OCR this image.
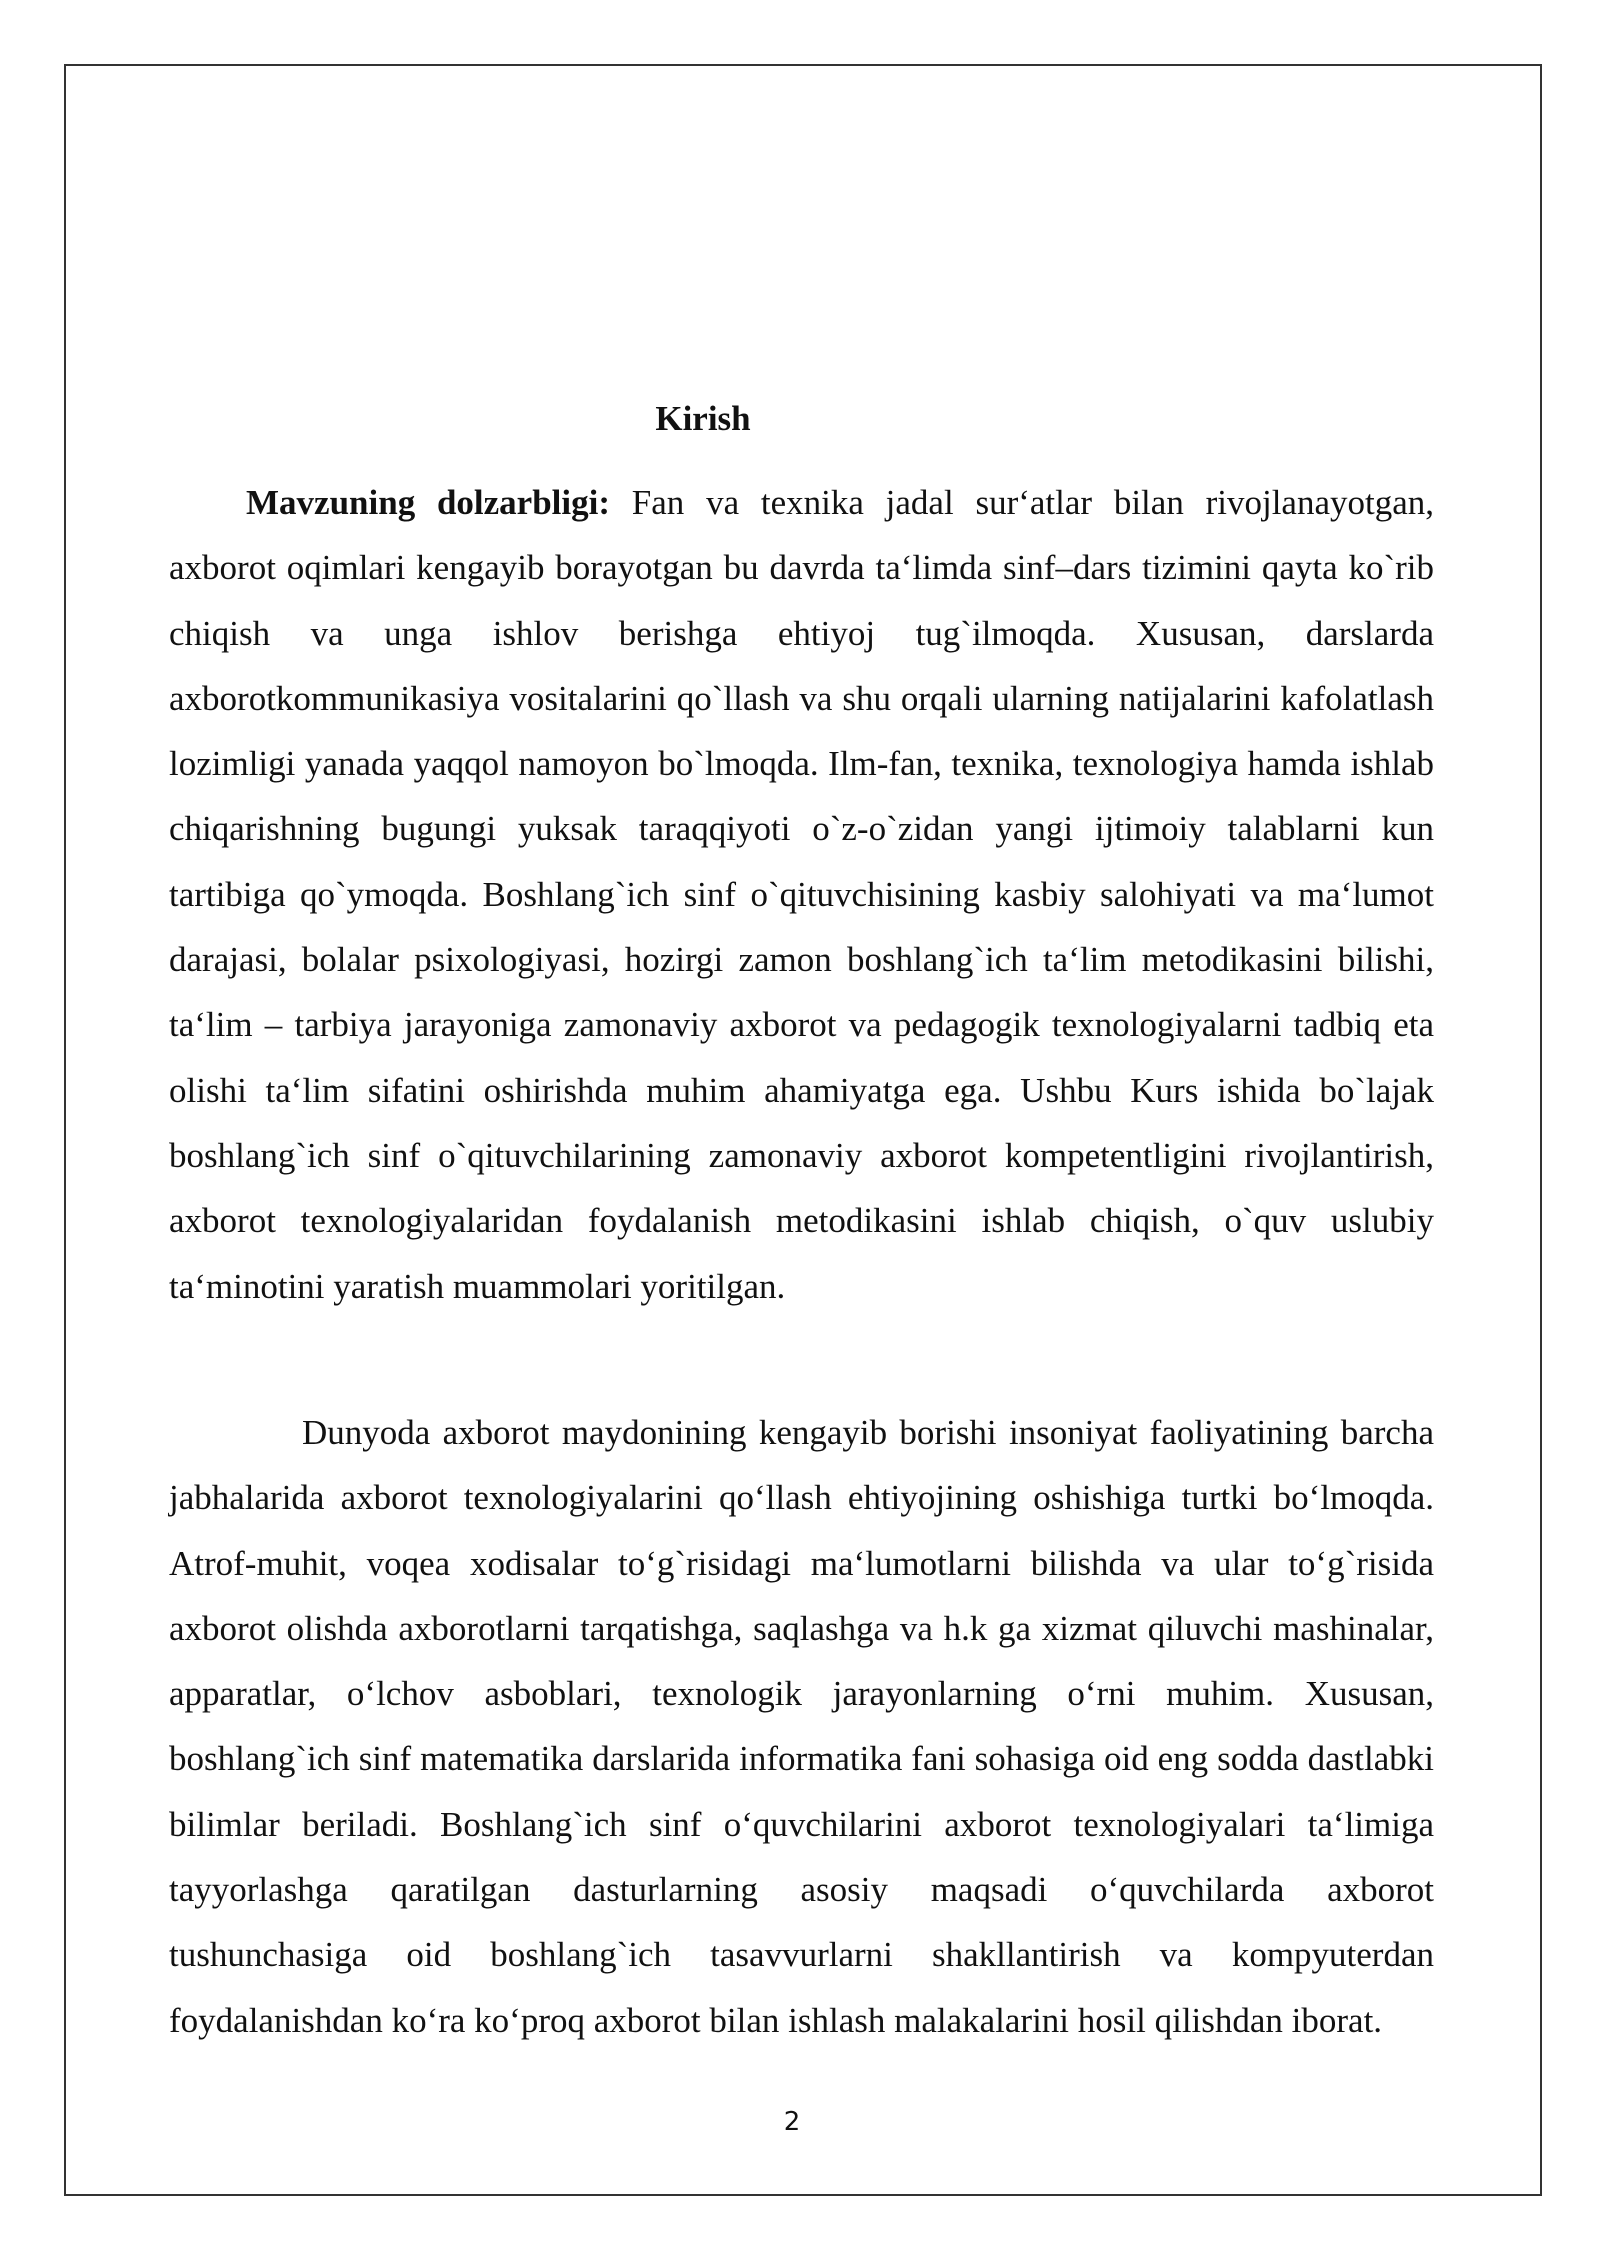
Kirish

Mavzuning dolzarbligi: Fan va texnika jadal sur‘atlar bilan rivojlanayotgan, axborot oqimlari kengayib borayotgan bu davrda ta‘limda sinf–dars tizimini qayta ko`rib chiqish va unga ishlov berishga ehtiyoj tug`ilmoqda. Xususan, darslarda axborotkommunikasiya vositalarini qo`llash va shu orqali ularning natijalarini kafolatlash lozimligi yanada yaqqol namoyon bo`lmoqda. Ilm-fan, texnika, texnologiya hamda ishlab chiqarishning bugungi yuksak taraqqiyoti o`z-o`zidan yangi ijtimoiy talablarni kun tartibiga qo`ymoqda. Boshlang`ich sinf o`qituvchisining kasbiy salohiyati va ma‘lumot darajasi, bolalar psixologiyasi, hozirgi zamon boshlang`ich ta‘lim metodikasini bilishi, ta‘lim – tarbiya jarayoniga zamonaviy axborot va pedagogik texnologiyalarni tadbiq eta olishi ta‘lim sifatini oshirishda muhim ahamiyatga ega. Ushbu Kurs ishida bo`lajak boshlang`ich sinf o`qituvchilarining zamonaviy axborot kompetentligini rivojlantirish, axborot texnologiyalaridan foydalanish metodikasini ishlab chiqish, o`quv uslubiy ta‘minotini yaratish muammolari yoritilgan.

Dunyoda axborot maydonining kengayib borishi insoniyat faoliyatining barcha jabhalarida axborot texnologiyalarini qo‘llash ehtiyojining oshishiga turtki bo‘lmoqda. Atrof-muhit, voqea xodisalar to‘g`risidagi ma‘lumotlarni bilishda va ular to‘g`risida axborot olishda axborotlarni tarqatishga, saqlashga va h.k ga xizmat qiluvchi mashinalar, apparatlar, o‘lchov asboblari, texnologik jarayonlarning o‘rni muhim. Xususan, boshlang`ich sinf matematika darslarida informatika fani sohasiga oid eng sodda dastlabki bilimlar beriladi. Boshlang`ich sinf o‘quvchilarini axborot texnologiyalari ta‘limiga tayyorlashga qaratilgan dasturlarning asosiy maqsadi o‘quvchilarda axborot tushunchasiga oid boshlang`ich tasavvurlarni shakllantirish va kompyuterdan foydalanishdan ko‘ra ko‘proq axborot bilan ishlash malakalarini hosil qilishdan iborat.

2
